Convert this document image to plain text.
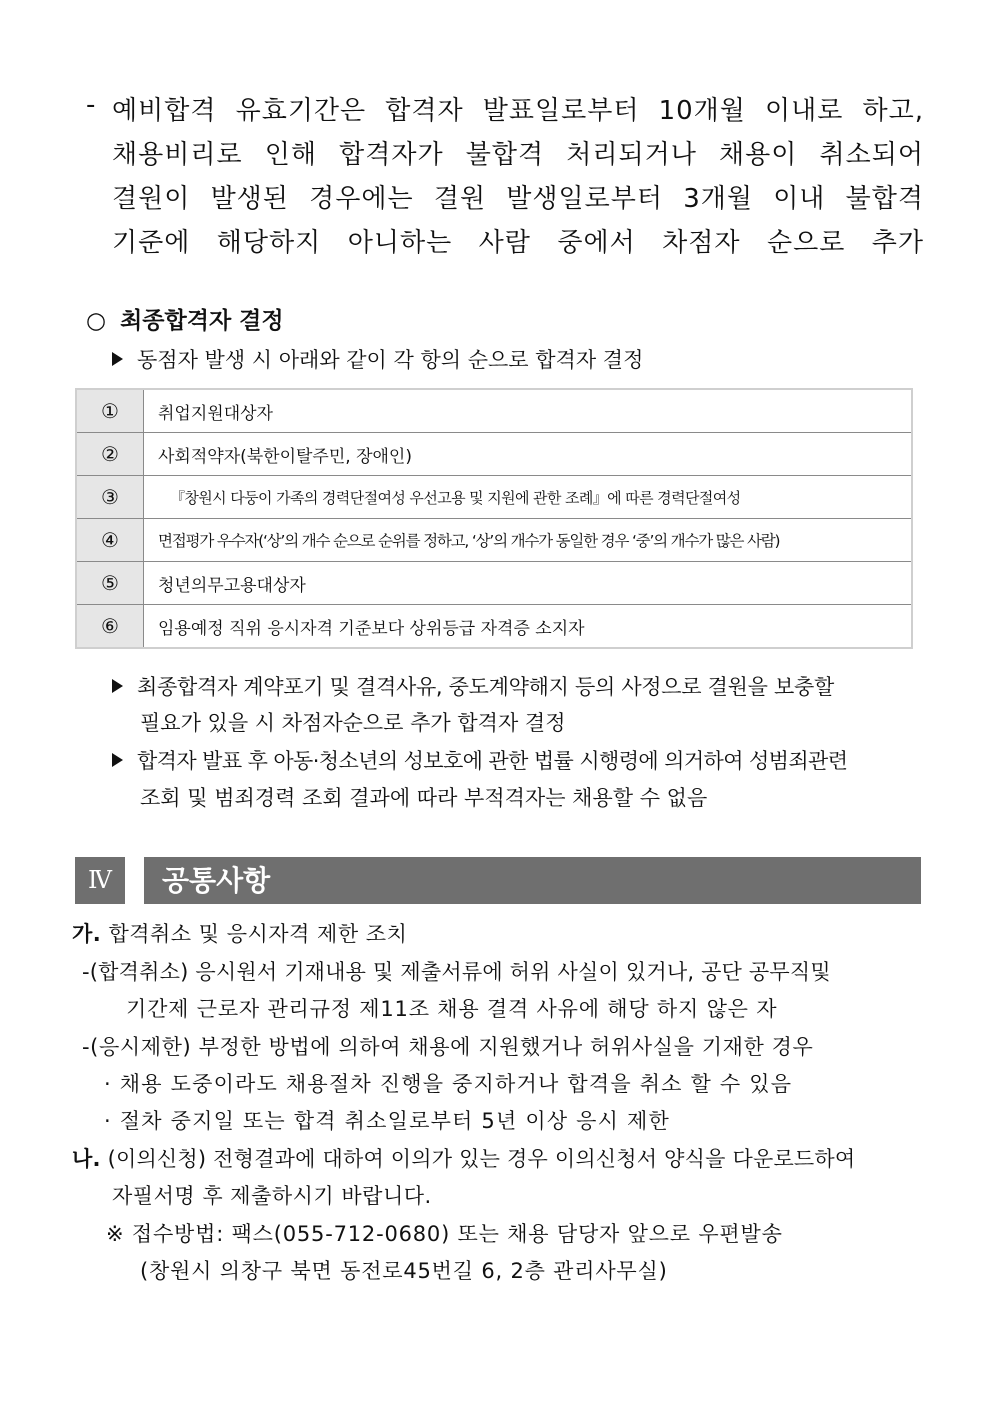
- 예비합격 유효기간은 합격자 발표일로부터 10개월 이내로 하고,
채용비리로 인해 합격자가 불합격 처리되거나 채용이 취소되어
결원이 발생된 경우에는 결원 발생일로부터 3개월 이내 불합격
기준에 해당하지 아니하는 사람 중에서 차점자 순으로 추가
○ 최종합격자 결정
동점자 발생 시 아래와 같이 각 항의 순으로 합격자 결정
①	취업지원대상자
②	사회적약자(북한이탈주민, 장애인)
③	『창원시 다둥이 가족의 경력단절여성 우선고용 및 지원에 관한 조례』에 따른 경력단절여성
④	면접평가 우수자(‘상’의 개수 순으로 순위를 정하고, ‘상’의 개수가 동일한 경우 ‘중’의 개수가 많은 사람)
⑤	청년의무고용대상자
⑥	임용예정 직위 응시자격 기준보다 상위등급 자격증 소지자
최종합격자 계약포기 및 결격사유, 중도계약해지 등의 사정으로 결원을 보충할
필요가 있을 시 차점자순으로 추가 합격자 결정
합격자 발표 후 아동·청소년의 성보호에 관한 법률 시행령에 의거하여 성범죄관련
조회 및 범죄경력 조회 결과에 따라 부적격자는 채용할 수 없음
Ⅳ	공통사항
가. 합격취소 및 응시자격 제한 조치
-(합격취소) 응시원서 기재내용 및 제출서류에 허위 사실이 있거나, 공단 공무직및
기간제 근로자 관리규정 제11조 채용 결격 사유에 해당 하지 않은 자
-(응시제한) 부정한 방법에 의하여 채용에 지원했거나 허위사실을 기재한 경우
· 채용 도중이라도 채용절차 진행을 중지하거나 합격을 취소 할 수 있음
· 절차 중지일 또는 합격 취소일로부터 5년 이상 응시 제한
나. (이의신청) 전형결과에 대하여 이의가 있는 경우 이의신청서 양식을 다운로드하여
자필서명 후 제출하시기 바랍니다.
※ 접수방법: 팩스(055-712-0680) 또는 채용 담당자 앞으로 우편발송
(창원시 의창구 북면 동전로45번길 6, 2층 관리사무실)
